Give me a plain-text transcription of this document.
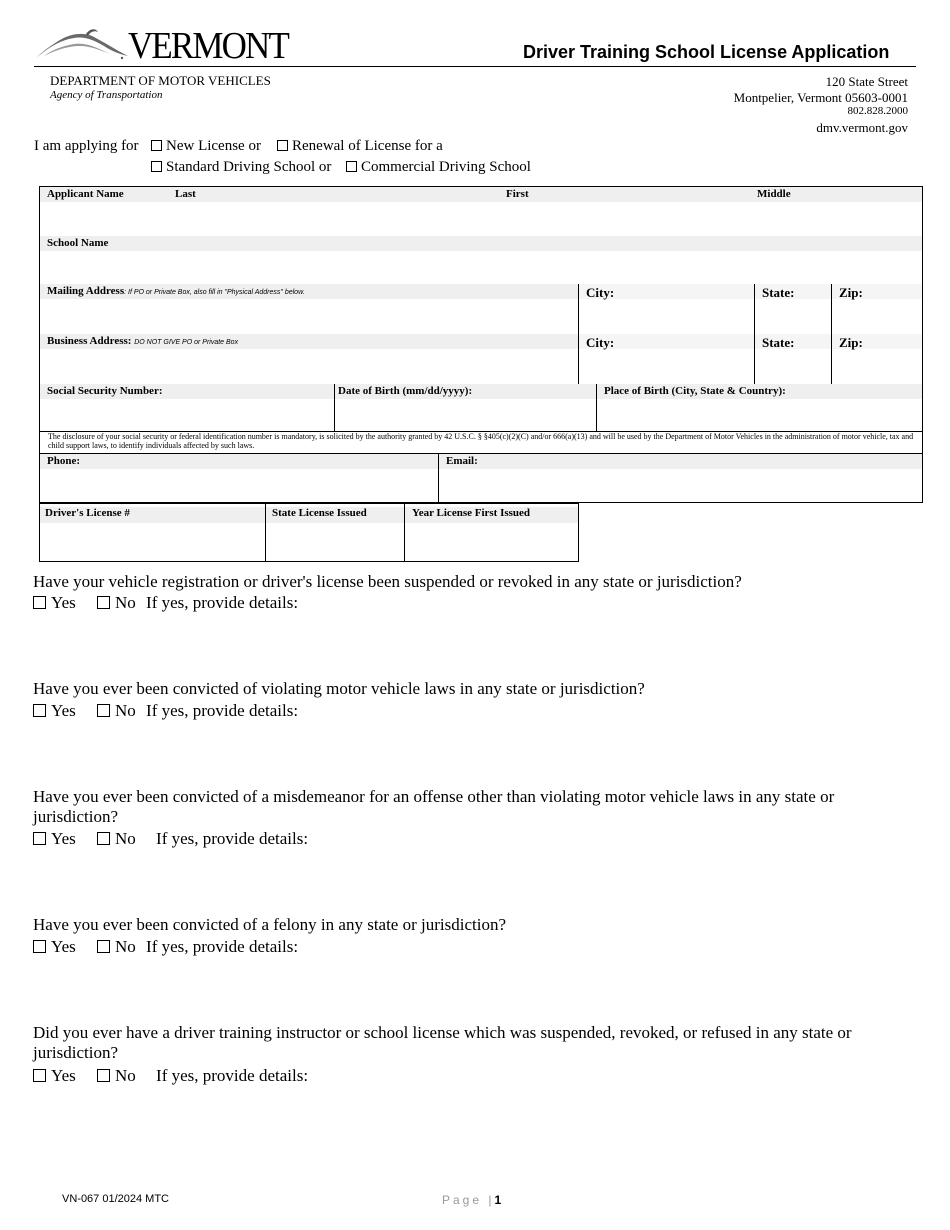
VERMONT	Driver Training School License Application
DEPARTMENT OF MOTOR VEHICLES
Agency of Transportation
120 State Street
Montpelier, Vermont 05603-0001
802.828.2000
dmv.vermont.gov
I am applying for	New License or	Renewal of License for a
Standard Driving School or	Commercial Driving School
Applicant Name	Last	First	Middle
School Name
Mailing Address: If PO or Private Box, also fill in "Physical Address" below.	City:	State:	Zip:
Business Address: DO NOT GIVE PO or Private Box	City:	State:	Zip:
Social Security Number:	Date of Birth (mm/dd/yyyy):	Place of Birth (City, State & Country):
The disclosure of your social security or federal identification number is mandatory, is solicited by the authority granted by 42 U.S.C. § §405(c)(2)(C) and/or 666(a)(13) and will be used by the Department of Motor Vehicles in the administration of motor vehicle, tax and child support laws, to identify individuals affected by such laws.
Phone:	Email:
Driver's License #	State License Issued	Year License First Issued
Have your vehicle registration or driver's license been suspended or revoked in any state or jurisdiction?
Yes No If yes, provide details:
Have you ever been convicted of violating motor vehicle laws in any state or jurisdiction?
Yes No If yes, provide details:
Have you ever been convicted of a misdemeanor for an offense other than violating motor vehicle laws in any state or jurisdiction?
Yes No If yes, provide details:
Have you ever been convicted of a felony in any state or jurisdiction?
Yes No If yes, provide details:
Did you ever have a driver training instructor or school license which was suspended, revoked, or refused in any state or jurisdiction?
Yes No If yes, provide details:
VN-067 01/2024 MTC	Page |1
